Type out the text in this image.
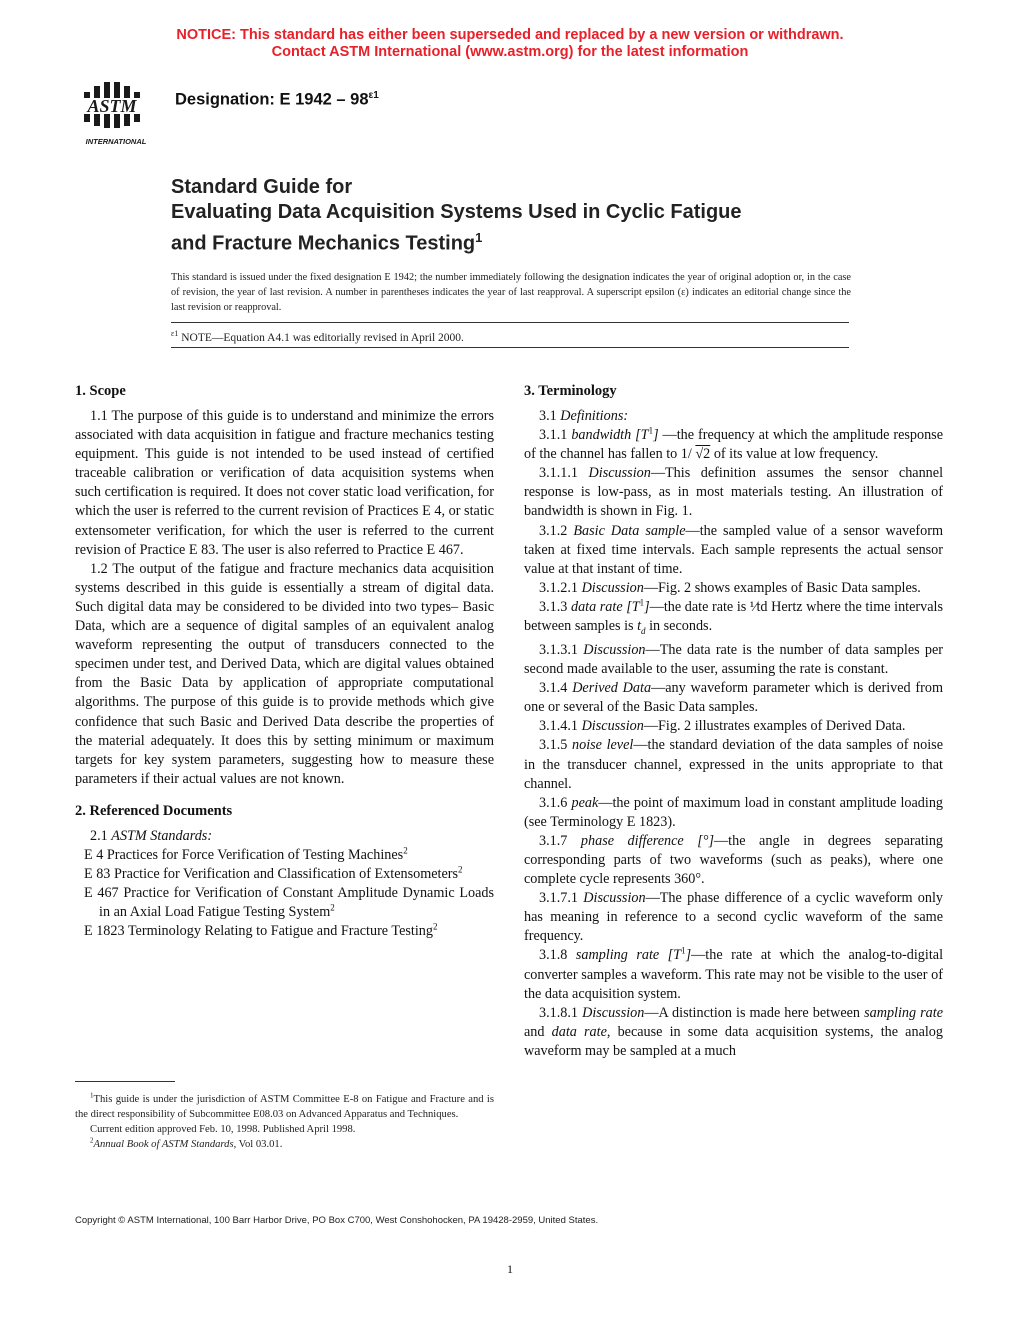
NOTICE: This standard has either been superseded and replaced by a new version or withdrawn.
Contact ASTM International (www.astm.org) for the latest information
ASTM
INTERNATIONAL
Designation: E $1942 - 98^{\varepsilon 1}$
Standard Guide for
Evaluating Data Acquisition Systems Used in Cyclic Fatigue
and Fracture Mechanics Testing$^1$
This standard is issued under the fixed designation E 1942; the number immediately following the designation indicates the year of original adoption or, in the case of revision, the year of last revision. A number in parentheses indicates the year of last reapproval. A superscript epsilon (ε) indicates an editorial change since the last revision or reapproval.
$^{\varepsilon 1}$ NOTE—Equation A4.1 was editorially revised in April 2000.
1. Scope

1.1 The purpose of this guide is to understand and minimize the errors associated with data acquisition in fatigue and fracture mechanics testing equipment. This guide is not intended to be used instead of certified traceable calibration or verification of data acquisition systems when such certification is required. It does not cover static load verification, for which the user is referred to the current revision of Practices E 4, or static extensometer verification, for which the user is referred to the current revision of Practice E 83. The user is also referred to Practice E 467.

1.2 The output of the fatigue and fracture mechanics data acquisition systems described in this guide is essentially a stream of digital data. Such digital data may be considered to be divided into two types– Basic Data, which are a sequence of digital samples of an equivalent analog waveform representing the output of transducers connected to the specimen under test, and Derived Data, which are digital values obtained from the Basic Data by application of appropriate computational algorithms. The purpose of this guide is to provide methods which give confidence that such Basic and Derived Data describe the properties of the material adequately. It does this by setting minimum or maximum targets for key system parameters, suggesting how to measure these parameters if their actual values are not known.

2. Referenced Documents

2.1 ASTM Standards:

E 4 Practices for Force Verification of Testing Machines$^2$

E 83 Practice for Verification and Classification of Extensometers$^2$

E 467 Practice for Verification of Constant Amplitude Dynamic Loads in an Axial Load Fatigue Testing System$^2$

E 1823 Terminology Relating to Fatigue and Fracture Testing$^2$

3. Terminology

3.1 Definitions:

3.1.1 bandwidth $[T^1]$ —the frequency at which the amplitude response of the channel has fallen to 1/ √2 of its value at low frequency.

3.1.1.1 Discussion—This definition assumes the sensor channel response is low-pass, as in most materials testing. An illustration of bandwidth is shown in Fig. 1.

3.1.2 Basic Data sample—the sampled value of a sensor waveform taken at fixed time intervals. Each sample represents the actual sensor value at that instant of time.

3.1.2.1 Discussion—Fig. 2 shows examples of Basic Data samples.

3.1.3 data rate $[T^1]—the$ date rate is ¹⁄td Hertz where the time intervals between samples is $t_d$ in seconds.

3.1.3.1 Discussion—The data rate is the number of data samples per second made available to the user, assuming the rate is constant.

3.1.4 Derived Data—any waveform parameter which is derived from one or several of the Basic Data samples.

3.1.4.1 Discussion—Fig. 2 illustrates examples of Derived Data.

3.1.5 noise level—the standard deviation of the data samples of noise in the transducer channel, expressed in the units appropriate to that channel.

3.1.6 peak—the point of maximum load in constant amplitude loading (see Terminology E 1823).

3.1.7 phase difference [°]—the angle in degrees separating corresponding parts of two waveforms (such as peaks), where one complete cycle represents 360°.

3.1.7.1 Discussion—The phase difference of a cyclic waveform only has meaning in reference to a second cyclic waveform of the same frequency.

3.1.8 sampling rate $[T^1]—the$ rate at which the analog-to-digital converter samples a waveform. This rate may not be visible to the user of the data acquisition system.

3.1.8.1 Discussion—A distinction is made here between sampling rate and data rate, because in some data acquisition systems, the analog waveform may be sampled at a much

$^1$This guide is under the jurisdiction of ASTM Committee E-8 on Fatigue and Fracture and is the direct responsibility of Subcommittee E08.03 on Advanced Apparatus and Techniques.

Current edition approved Feb. 10, 1998. Published April 1998.

$^2$Annual Book of ASTM Standards, Vol 03.01.

Copyright © ASTM International, 100 Barr Harbor Drive, PO Box C700, West Conshohocken, PA 19428-2959, United States.
1
